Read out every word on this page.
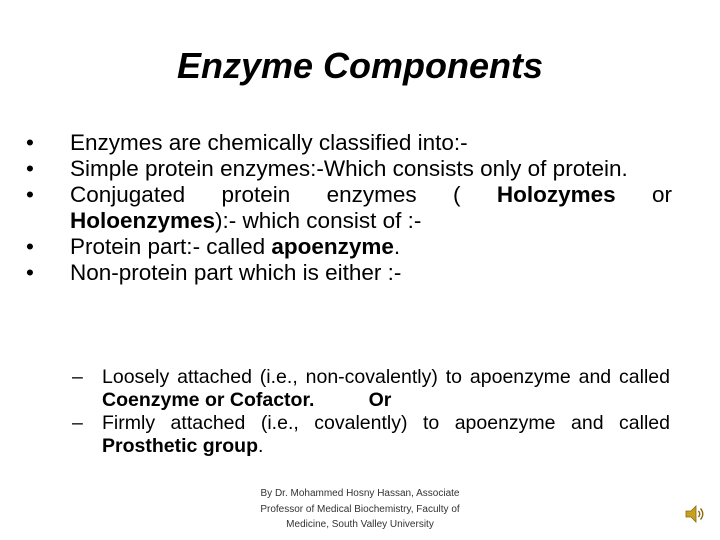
Enzyme Components
•	Enzymes are chemically classified into:-
•	Simple protein enzymes:-Which consists only of protein.
•	Conjugated protein enzymes ( Holozymes or Holoenzymes):- which consist of :-
•	Protein part:- called apoenzyme.
•	Non-protein part which is either :-
– Loosely attached (i.e., non-covalently) to apoenzyme and called Coenzyme or Cofactor.	Or
– Firmly attached (i.e., covalently) to apoenzyme and called Prosthetic group.
By Dr. Mohammed Hosny Hassan, Associate Professor of Medical Biochemistry, Faculty of Medicine, South Valley University
